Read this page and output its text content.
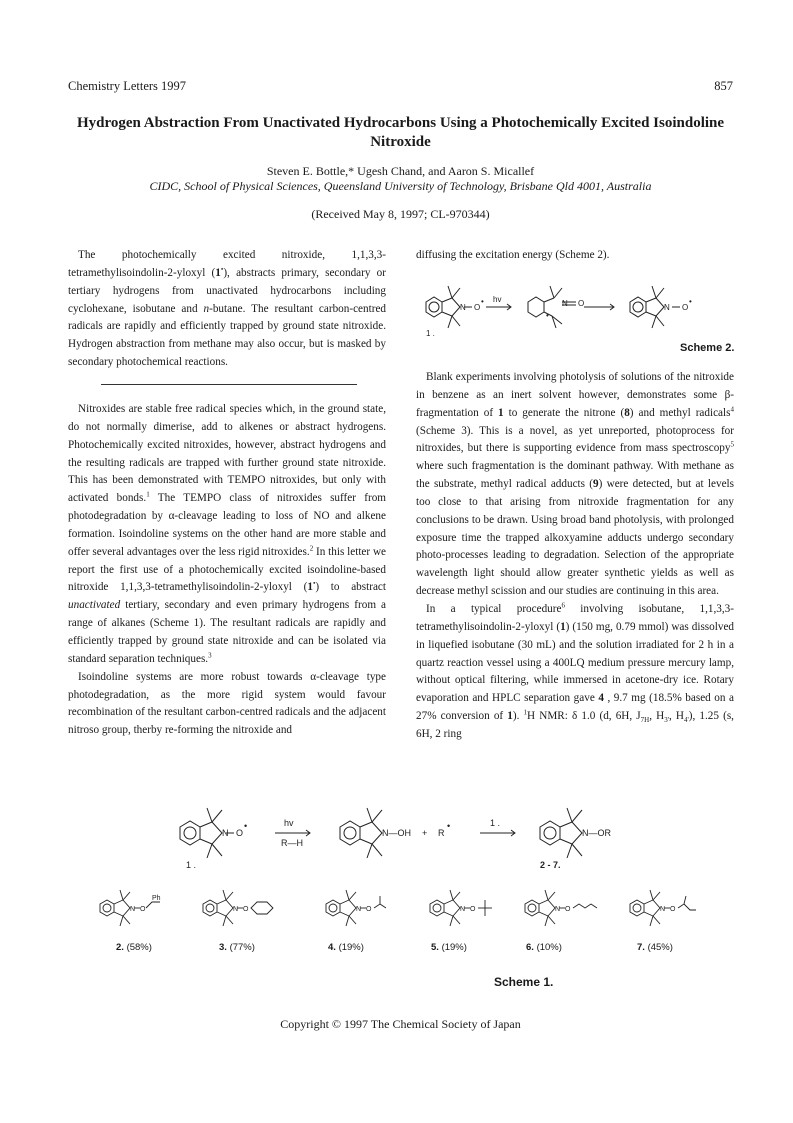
Chemistry Letters 1997	857
Hydrogen Abstraction From Unactivated Hydrocarbons Using a Photochemically Excited Isoindoline Nitroxide
Steven E. Bottle,* Ugesh Chand, and Aaron S. Micallef
CIDC, School of Physical Sciences, Queensland University of Technology, Brisbane Qld 4001, Australia
(Received May 8, 1997; CL-970344)

The photochemically excited nitroxide, 1,1,3,3-tetramethylisoindolin-2-yloxyl (1•), abstracts primary, secondary or tertiary hydrogens from unactivated hydrocarbons including cyclohexane, isobutane and n-butane. The resultant carbon-centred radicals are rapidly and efficiently trapped by ground state nitroxide. Hydrogen abstraction from methane may also occur, but is masked by secondary photochemical reactions.

Nitroxides are stable free radical species which, in the ground state, do not normally dimerise, add to alkenes or abstract hydrogens. Photochemically excited nitroxides, however, abstract hydrogens and the resulting radicals are trapped with further ground state nitroxide. This has been demonstrated with TEMPO nitroxides, but only with activated bonds.$^1$ The TEMPO class of nitroxides suffer from photodegradation by α-cleavage leading to loss of NO and alkene formation. Isoindoline systems on the other hand are more stable and offer several advantages over the less rigid nitroxides.$^2$ In this letter we report the first use of a photochemically excited isoindoline-based nitroxide 1,1,3,3-tetramethylisoindolin-2-yloxyl (1•) to abstract unactivated tertiary, secondary and even primary hydrogens from a range of alkanes (Scheme 1). The resultant radicals are rapidly and efficiently trapped by ground state nitroxide and can be isolated via standard separation techniques.$^3$

Isoindoline systems are more robust towards α-cleavage type photodegradation, as the more rigid system would favour recombination of the resultant carbon-centred radicals and the adjacent nitroso group, therby re-forming the nitroxide and

diffusing the excitation energy (Scheme 2).

N O
• hv	N O
•
N O
•
1 .
Scheme 2.

Blank experiments involving photolysis of solutions of the nitroxide in benzene as an inert solvent however, demonstrates some β-fragmentation of 1 to generate the nitrone (8) and methyl radicals$^4$ (Scheme 3). This is a novel, as yet unreported, photoprocess for nitroxides, but there is supporting evidence from mass spectroscopy$^5$ where such fragmentation is the dominant pathway. With methane as the substrate, methyl radical adducts (9) were detected, but at levels too close to that arising from nitroxide fragmentation for any conclusions to be drawn. Using broad band photolysis, with prolonged exposure time the trapped alkoxyamine adducts undergo secondary photo-processes leading to degradation. Selection of the appropriate wavelength light should allow greater synthetic yields as well as decrease methyl scission and our studies are continuing in this area.

In a typical procedure$^6$ involving isobutane, 1,1,3,3-tetramethylisoindolin-2-yloxyl (1) (150 mg, 0.79 mmol) was dissolved in liquefied isobutane (30 mL) and the solution irradiated for 2 h in a quartz reaction vessel using a 400LQ medium pressure mercury lamp, without optical filtering, while immersed in acetone-dry ice. Rotary evaporation and HPLC separation gave 4 , 9.7 mg (18.5% based on a 27% conversion of 1). $^1$H NMR: δ 1.0 (d, 6H, $J_{7H}$, $H_{3'}$, $H_{4'}$), 1.25 (s, 6H, 2 ring

N O
•	hv
R—H
N—OH + R
•	1 .
N—OR
1 .	2 - 7.
N O
Ph
N O	N O	N O	N O	N O
2. (58%)	3. (77%)	4. (19%)	5. (19%)	6. (10%)	7. (45%)
Scheme 1.
Copyright © 1997 The Chemical Society of Japan
